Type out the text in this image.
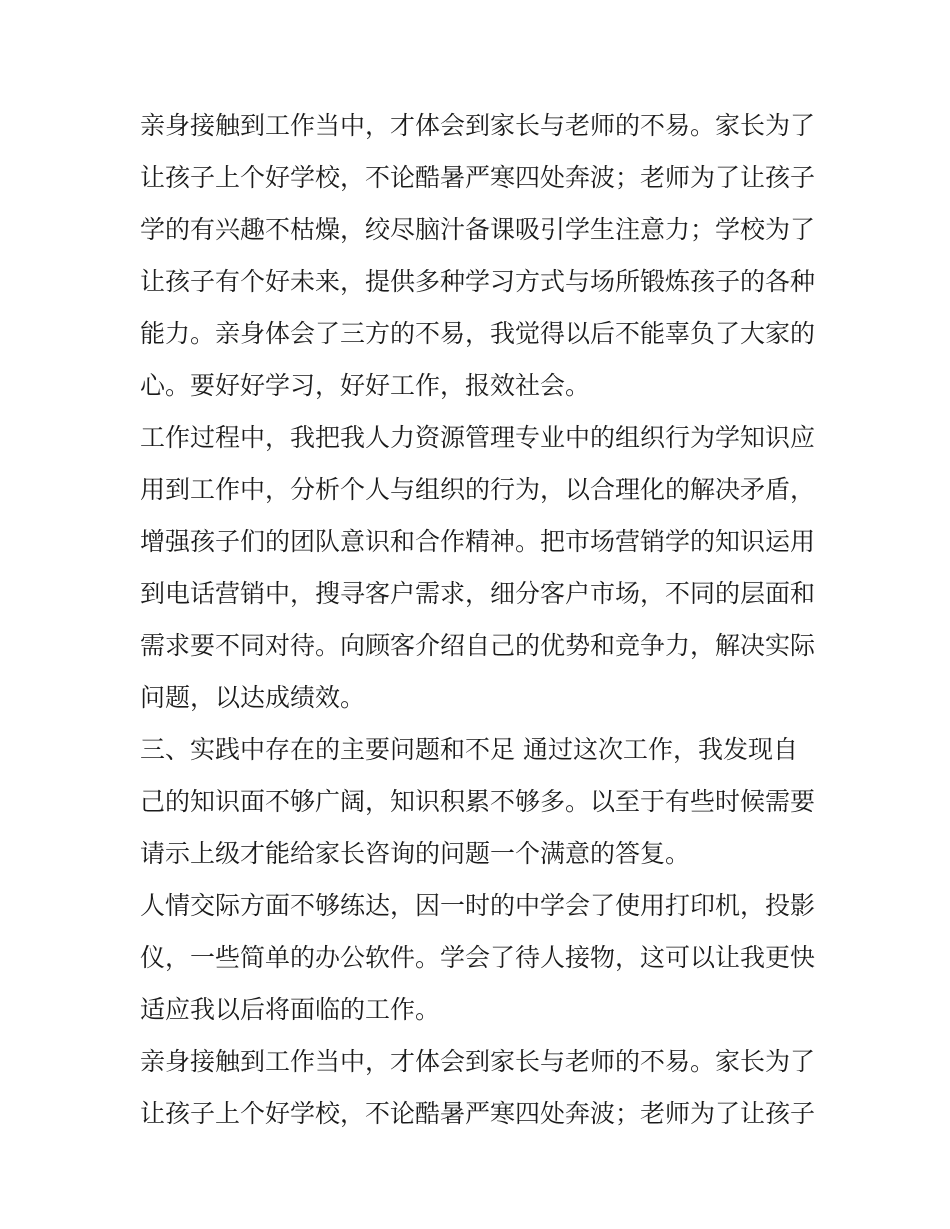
亲身接触到工作当中，才体会到家长与老师的不易。家长为了
让孩子上个好学校，不论酷暑严寒四处奔波；老师为了让孩子
学的有兴趣不枯燥，绞尽脑汁备课吸引学生注意力；学校为了
让孩子有个好未来，提供多种学习方式与场所锻炼孩子的各种
能力。亲身体会了三方的不易，我觉得以后不能辜负了大家的
心。要好好学习，好好工作，报效社会。

工作过程中，我把我人力资源管理专业中的组织行为学知识应
用到工作中，分析个人与组织的行为，以合理化的解决矛盾，
增强孩子们的团队意识和合作精神。把市场营销学的知识运用
到电话营销中，搜寻客户需求，细分客户市场，不同的层面和
需求要不同对待。向顾客介绍自己的优势和竞争力，解决实际
问题，以达成绩效。

三、实践中存在的主要问题和不足 通过这次工作，我发现自
己的知识面不够广阔，知识积累不够多。以至于有些时候需要
请示上级才能给家长咨询的问题一个满意的答复。

人情交际方面不够练达，因一时的中学会了使用打印机，投影
仪，一些简单的办公软件。学会了待人接物，这可以让我更快
适应我以后将面临的工作。

亲身接触到工作当中，才体会到家长与老师的不易。家长为了
让孩子上个好学校，不论酷暑严寒四处奔波；老师为了让孩子
